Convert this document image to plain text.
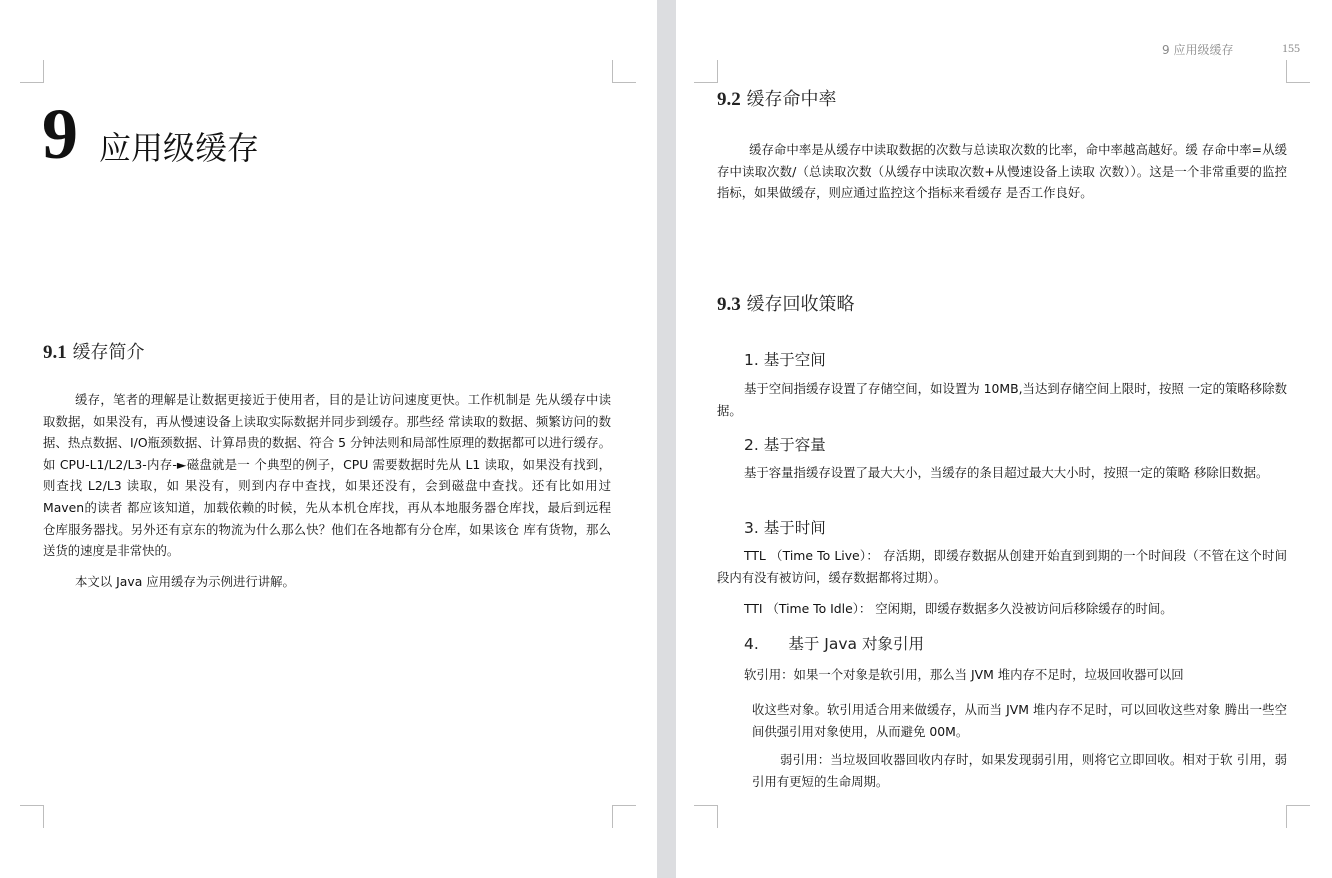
9 应用级缓存
9.1 缓存简介
缓存，笔者的理解是让数据更接近于使用者，目的是让访问速度更快。工作机制是 先从缓存中读取数据，如果没有，再从慢速设备上读取实际数据并同步到缓存。那些经 常读取的数据、频繁访问的数据、热点数据、I/O瓶颈数据、计算昂贵的数据、符合 5 分钟法则和局部性原理的数据都可以进行缓存。如 CPU-L1/L2/L3-内存-►磁盘就是一 个典型的例子，CPU 需要数据时先从 L1 读取，如果没有找到，则查找 L2/L3 读取，如 果没有，则到内存中查找，如果还没有，会到磁盘中查找。还有比如用过 Maven的读者 都应该知道，加载依赖的时候，先从本机仓库找，再从本地服务器仓库找，最后到远程 仓库服务器找。另外还有京东的物流为什么那么快？他们在各地都有分仓库，如果该仓 库有货物，那么送货的速度是非常快的。
本文以 Java 应用缓存为示例进行讲解。
9 应用级缓存	155
9.2 缓存命中率
缓存命中率是从缓存中读取数据的次数与总读取次数的比率，命中率越高越好。缓 存命中率=从缓存中读取次数/（总读取次数（从缓存中读取次数+从慢速设备上读取 次数））。这是一个非常重要的监控指标，如果做缓存，则应通过监控这个指标来看缓存 是否工作良好。
9.3 缓存回收策略
1. 基于空间
基于空间指缓存设置了存储空间，如设置为 10MB,当达到存储空间上限时，按照 一定的策略移除数据。
2. 基于容量
基于容量指缓存设置了最大大小，当缓存的条目超过最大大小时，按照一定的策略 移除旧数据。
3. 基于时间
TTL （Time To Live）： 存活期，即缓存数据从创建开始直到到期的一个时间段（不管在这个时间段内有没有被访问，缓存数据都将过期）。
TTI （Time To Idle）： 空闲期，即缓存数据多久没被访问后移除缓存的时间。
4.      基于 Java 对象引用
软引用：如果一个对象是软引用，那么当 JVM 堆内存不足时，垃圾回收器可以回
收这些对象。软引用适合用来做缓存，从而当 JVM 堆内存不足时，可以回收这些对象 腾出一些空间供强引用对象使用，从而避免 00M。
弱引用：当垃圾回收器回收内存时，如果发现弱引用，则将它立即回收。相对于软 引用，弱引用有更短的生命周期。
